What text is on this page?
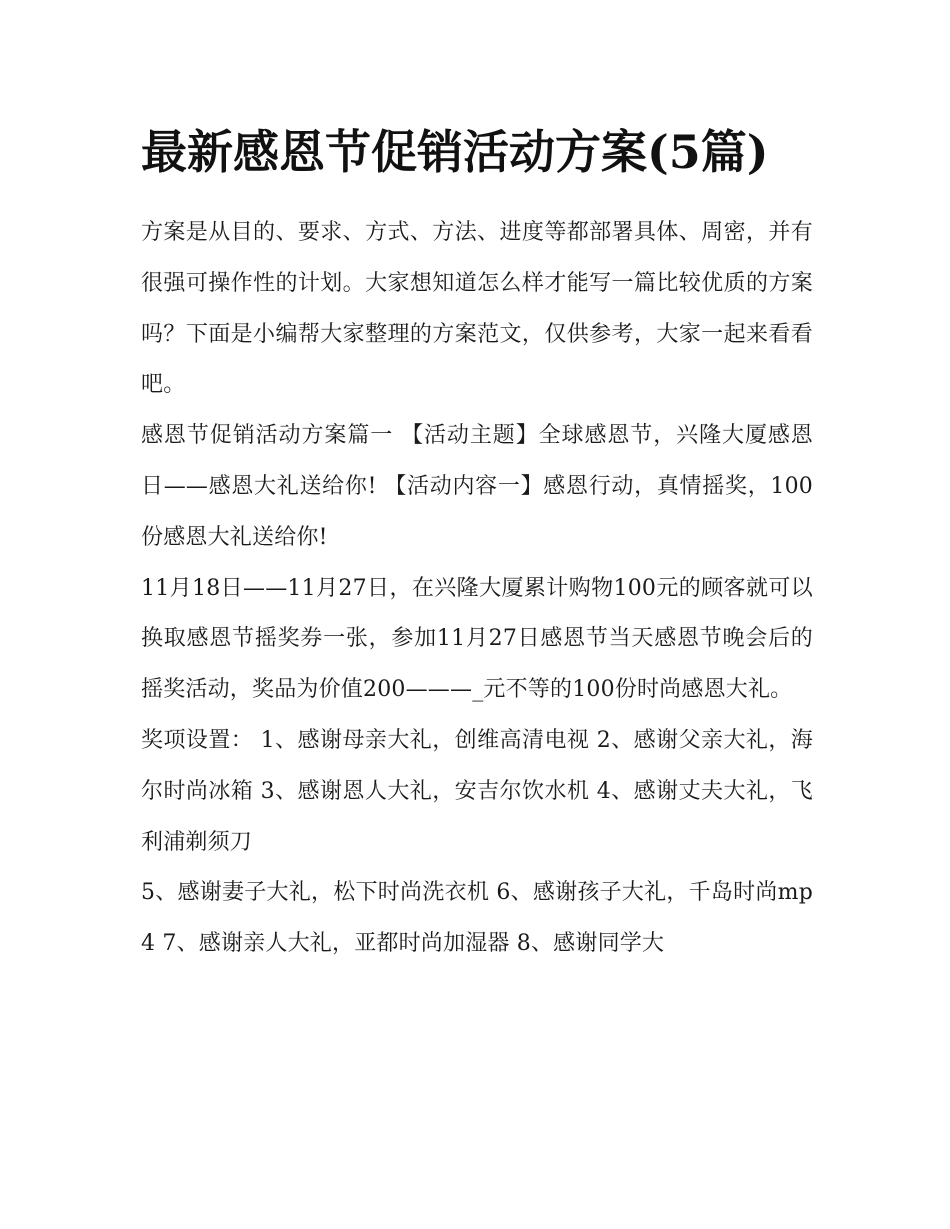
最新感恩节促销活动方案(5篇)

方案是从目的、要求、方式、方法、进度等都部署具体、周密，并有很强可操作性的计划。大家想知道怎么样才能写一篇比较优质的方案吗？下面是小编帮大家整理的方案范文，仅供参考，大家一起来看看吧。

感恩节促销活动方案篇一 【活动主题】全球感恩节，兴隆大厦感恩日——感恩大礼送给你! 【活动内容一】感恩行动，真情摇奖，100份感恩大礼送给你!

11月18日——11月27日，在兴隆大厦累计购物100元的顾客就可以换取感恩节摇奖券一张，参加11月27日感恩节当天感恩节晚会后的摇奖活动，奖品为价值200———_元不等的100份时尚感恩大礼。

奖项设置： 1、感谢母亲大礼，创维高清电视 2、感谢父亲大礼，海尔时尚冰箱 3、感谢恩人大礼，安吉尔饮水机 4、感谢丈夫大礼，飞利浦剃须刀

5、感谢妻子大礼，松下时尚洗衣机 6、感谢孩子大礼，千岛时尚mp4 7、感谢亲人大礼，亚都时尚加湿器 8、感谢同学大
